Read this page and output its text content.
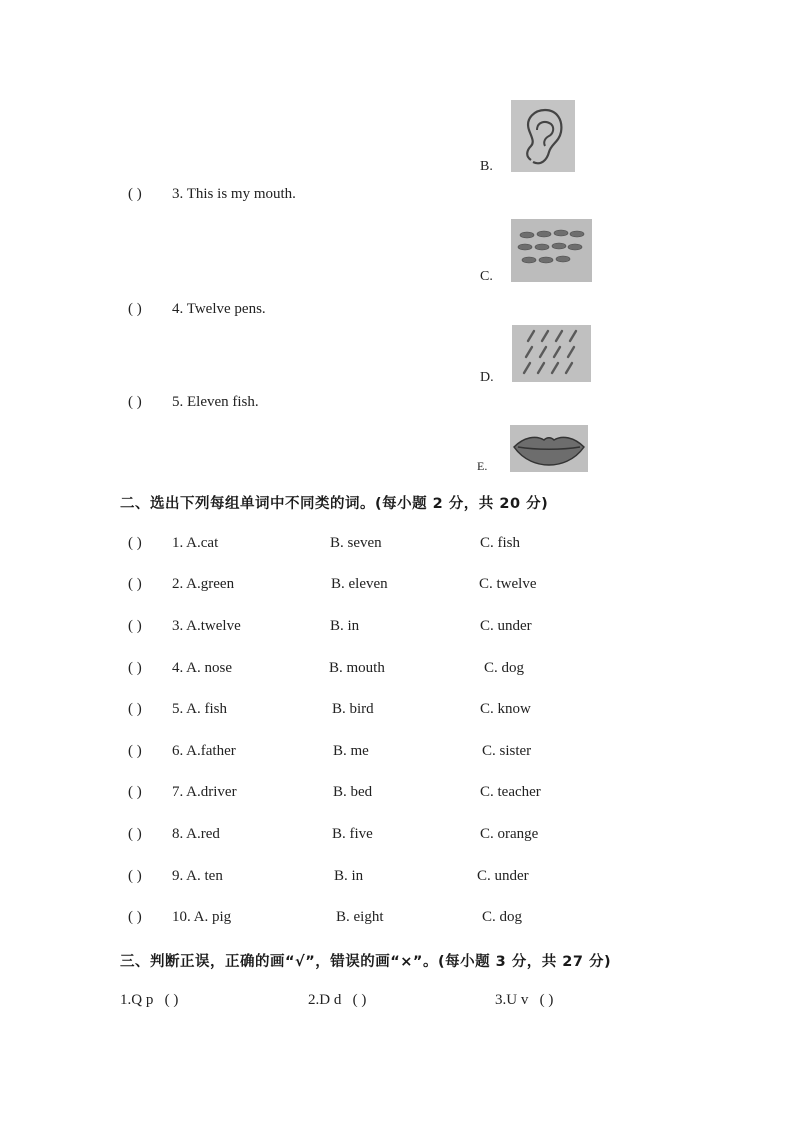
B.
( ) 3. This is my mouth.
C.
( ) 4. Twelve pens.
D.
( ) 5. Eleven fish.
E.
二、选出下列每组单词中不同类的词。(每小题 2 分，共 20 分)
( ) 1. A.cat	B. seven	C. fish
( ) 2. A.green	B. eleven	C. twelve
( ) 3. A.twelve	B. in	C. under
( ) 4. A. nose	B. mouth	C. dog
( ) 5. A. fish	B. bird	C. know
( ) 6. A.father	B. me	C. sister
( ) 7. A.driver	B. bed	C. teacher
( ) 8. A.red	B. five	C. orange
( ) 9. A. ten	B. in	C. under
( ) 10. A. pig	B. eight	C. dog
三、判断正误，正确的画“√”，错误的画“×”。(每小题 3 分，共 27 分)
1.Q p ( )	2.D d ( )	3.U v ( )
